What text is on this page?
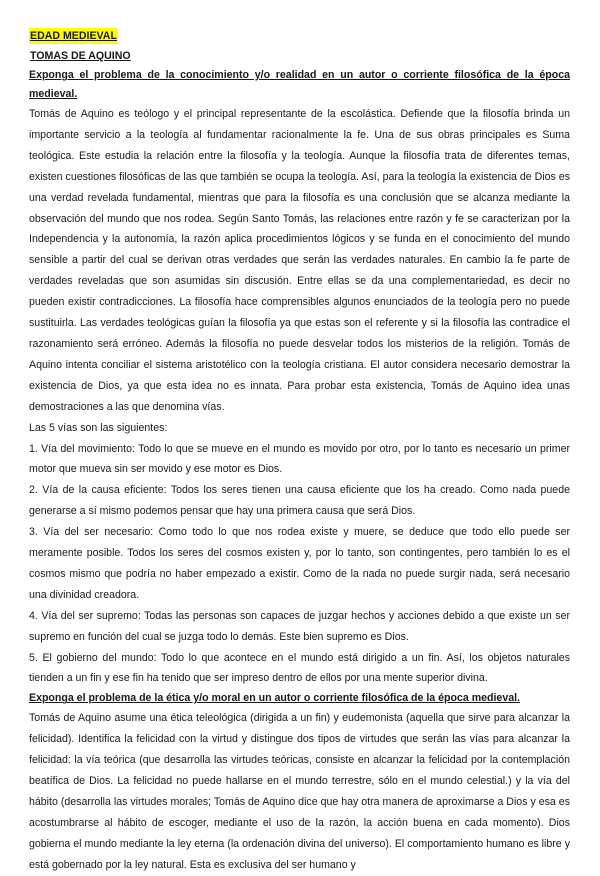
EDAD MEDIEVAL
TOMAS DE AQUINO
Exponga el problema de la conocimiento y/o realidad en un autor o corriente filosófica de la época medieval.

Tomás de Aquino es teólogo y el principal representante de la escolástica. Defiende que la filosofía brinda un importante servicio a la teología al fundamentar racionalmente la fe. Una de sus obras principales es Suma teológica. Este estudia la relación entre la filosofía y la teología. Aunque la filosofía trata de diferentes temas, existen cuestiones filosóficas de las que también se ocupa la teología. Así, para la teología la existencia de Dios es una verdad revelada fundamental, mientras que para la filosofía es una conclusión que se alcanza mediante la observación del mundo que nos rodea. Según Santo Tomás, las relaciones entre razón y fe se caracterizan por la Independencia y la autonomía, la razón aplica procedimientos lógicos y se funda en el conocimiento del mundo sensible a partir del cual se derivan otras verdades que serán las verdades naturales. En cambio la fe parte de verdades reveladas que son asumidas sin discusión. Entre ellas se da una complementariedad, es decir no pueden existir contradicciones. La filosofía hace comprensibles algunos enunciados de la teología pero no puede sustituirla. Las verdades teológicas guían la filosofía ya que estas son el referente y si la filosofía las contradice el razonamiento será erróneo. Además la filosofía no puede desvelar todos los misterios de la religión. Tomás de Aquino intenta conciliar el sistema aristotélico con la teología cristiana. El autor considera necesario demostrar la existencia de Dios, ya que esta idea no es innata. Para probar esta existencia, Tomás de Aquino idea unas demostraciones a las que denomina vías.

Las 5 vías son las siguientes:

1. Vía del movimiento: Todo lo que se mueve en el mundo es movido por otro, por lo tanto es necesario un primer motor que mueva sin ser movido y ese motor es Dios.

2. Vía de la causa eficiente: Todos los seres tienen una causa eficiente que los ha creado. Como nada puede generarse a sí mismo podemos pensar que hay una primera causa que será Dios.

3. Vía del ser necesario: Como todo lo que nos rodea existe y muere, se deduce que todo ello puede ser meramente posible. Todos los seres del cosmos existen y, por lo tanto, son contingentes, pero también lo es el cosmos mismo que podría no haber empezado a existir. Como de la nada no puede surgir nada, será necesario una divinidad creadora.

4. Vía del ser supremo: Todas las personas son capaces de juzgar hechos y acciones debido a que existe un ser supremo en función del cual se juzga todo lo demás. Este bien supremo es Dios.

5. El gobierno del mundo: Todo lo que acontece en el mundo está dirigido a un fin. Así, los objetos naturales tienden a un fin y ese fin ha tenido que ser impreso dentro de ellos por una mente superior divina.

Exponga el problema de la ética y/o moral en un autor o corriente filosófica de la época medieval.

Tomás de Aquino asume una ética teleológica (dirigida a un fin) y eudemonista (aquella que sirve para alcanzar la felicidad). Identifica la felicidad con la virtud y distingue dos tipos de virtudes que serán las vías para alcanzar la felicidad: la vía teórica (que desarrolla las virtudes teóricas, consiste en alcanzar la felicidad por la contemplación beatífica de Dios. La felicidad no puede hallarse en el mundo terrestre, sólo en el mundo celestial.) y la vía del hábito (desarrolla las virtudes morales; Tomás de Aquino dice que hay otra manera de aproximarse a Dios y esa es acostumbrarse al hábito de escoger, mediante el uso de la razón, la acción buena en cada momento). Dios gobierna el mundo mediante la ley eterna (la ordenación divina del universo). El comportamiento humano es libre y está gobernado por la ley natural. Esta es exclusiva del ser humano y
